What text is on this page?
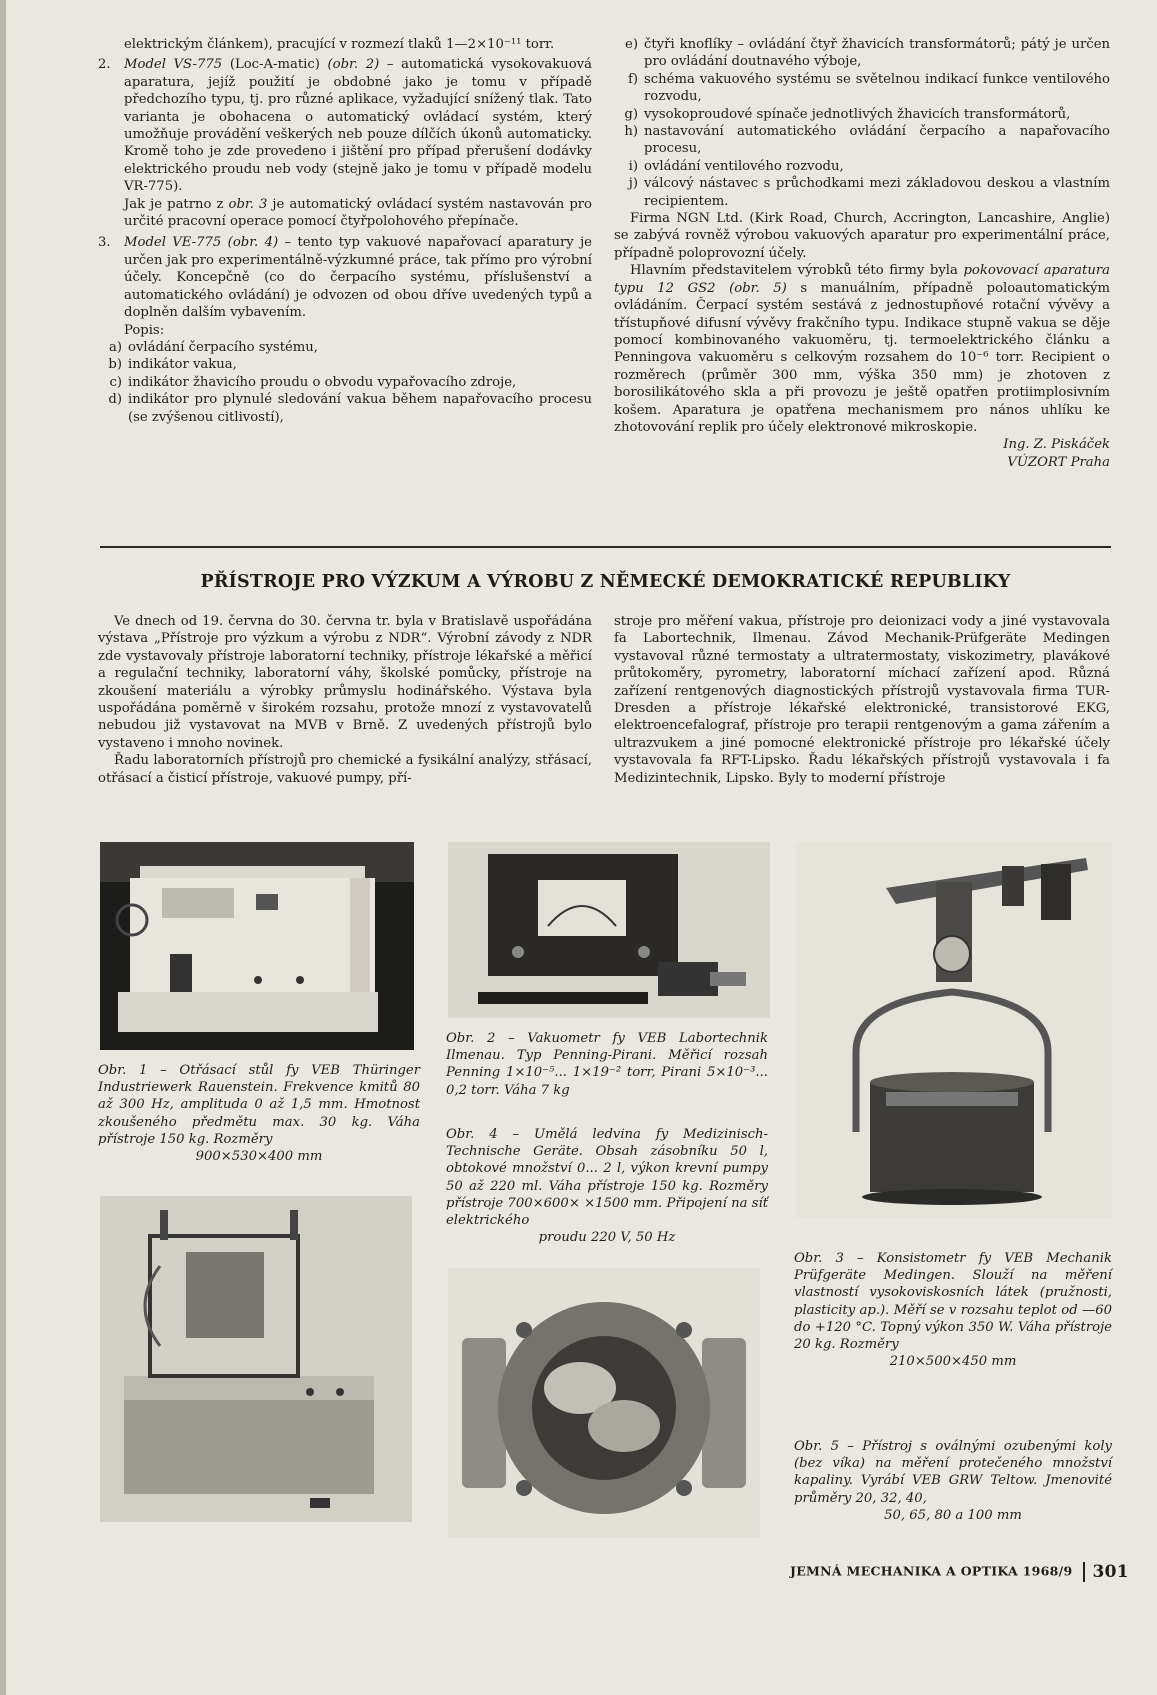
elektrickým článkem), pracující v rozmezí tlaků 1—2×10⁻¹¹ torr.

2. Model VS-775 (Loc-A-matic) (obr. 2) – automatická vysokovakuová aparatura, jejíž použití je obdobné jako je tomu v případě předchozího typu, tj. pro různé aplikace, vyžadující snížený tlak. Tato varianta je obohacena o automatický ovládací systém, který umožňuje provádění veškerých neb pouze dílčích úkonů automaticky. Kromě toho je zde provedeno i jištění pro případ přerušení dodávky elektrického proudu neb vody (stejně jako je tomu v případě modelu VR-775).

Jak je patrno z obr. 3 je automatický ovládací systém nastavován pro určité pracovní operace pomocí čtyřpolohového přepínače.

3. Model VE-775 (obr. 4) – tento typ vakuové napařovací aparatury je určen jak pro experimentálně-výzkumné práce, tak přímo pro výrobní účely. Koncepčně (co do čerpacího systému, příslušenství a automatického ovládání) je odvozen od obou dříve uvedených typů a doplněn dalším vybavením.

Popis:

a) ovládání čerpacího systému,

b) indikátor vakua,

c) indikátor žhavicího proudu o obvodu vypařovacího zdroje,

d) indikátor pro plynulé sledování vakua během napařovacího procesu (se zvýšenou citlivostí),

e) čtyři knoflíky – ovládání čtyř žhavicích transformátorů; pátý je určen pro ovládání doutnavého výboje,

f) schéma vakuového systému se světelnou indikací funkce ventilového rozvodu,

g) vysokoproudové spínače jednotlivých žhavicích transformátorů,

h) nastavování automatického ovládání čerpacího a napařovacího procesu,

i) ovládání ventilového rozvodu,

j) válcový nástavec s průchodkami mezi základovou deskou a vlastním recipientem.

Firma NGN Ltd. (Kirk Road, Church, Accrington, Lancashire, Anglie) se zabývá rovněž výrobou vakuových aparatur pro experimentální práce, případně poloprovozní účely.

Hlavním představitelem výrobků této firmy byla pokovovací aparatura typu 12 GS2 (obr. 5) s manuálním, případně poloautomatickým ovládáním. Čerpací systém sestává z jednostupňové rotační vývěvy a třístupňové difusní vývěvy frakčního typu. Indikace stupně vakua se děje pomocí kombinovaného vakuoměru, tj. termoelektrického článku a Penningova vakuoměru s celkovým rozsahem do 10⁻⁶ torr. Recipient o rozměrech (průměr 300 mm, výška 350 mm) je zhotoven z borosilikátového skla a při provozu je ještě opatřen protiimplosivním košem. Aparatura je opatřena mechanismem pro nános uhlíku ke zhotovování replik pro účely elektronové mikroskopie.

Ing. Z. Piskáček

VÚZORT Praha

PŘÍSTROJE PRO VÝZKUM A VÝROBU Z NĚMECKÉ DEMOKRATICKÉ REPUBLIKY

Ve dnech od 19. června do 30. června tr. byla v Bratislavě uspořádána výstava „Přístroje pro výzkum a výrobu z NDR“. Výrobní závody z NDR zde vystavovaly přístroje laboratorní techniky, přístroje lékařské a měřicí a regulační techniky, laboratorní váhy, školské pomůcky, přístroje na zkoušení materiálu a výrobky průmyslu hodinářského. Výstava byla uspořádána poměrně v širokém rozsahu, protože mnozí z vystavovatelů nebudou již vystavovat na MVB v Brně. Z uvedených přístrojů bylo vystaveno i mnoho novinek.

Řadu laboratorních přístrojů pro chemické a fysikální analýzy, střásací, otřásací a čisticí přístroje, vakuové pumpy, pří-

stroje pro měření vakua, přístroje pro deionizaci vody a jiné vystavovala fa Labortechnik, Ilmenau. Závod Mechanik-Prüfgeräte Medingen vystavoval různé termostaty a ultratermostaty, viskozimetry, plavákové průtokoměry, pyrometry, laboratorní míchací zařízení apod. Různá zařízení rentgenových diagnostických přístrojů vystavovala firma TUR-Dresden a přístroje lékařské elektronické, transistorové EKG, elektroencefalograf, přístroje pro terapii rentgenovým a gama zářením a ultrazvukem a jiné pomocné elektronické přístroje pro lékařské účely vystavovala fa RFT-Lipsko. Řadu lékařských přístrojů vystavovala i fa Medizintechnik, Lipsko. Byly to moderní přístroje

Obr. 1 – Otřásací stůl fy VEB Thüringer Industriewerk Rauenstein. Frekvence kmitů 80 až 300 Hz, amplituda 0 až 1,5 mm. Hmotnost zkoušeného předmětu max. 30 kg. Váha přístroje 150 kg. Rozměry

900×530×400 mm

Obr. 2 – Vakuometr fy VEB Labortechnik Ilmenau. Typ Penning-Pirani. Měřicí rozsah Penning 1×10⁻⁵... 1×19⁻² torr, Pirani 5×10⁻³... 0,2 torr. Váha 7 kg

Obr. 4 – Umělá ledvina fy Medizinisch-Technische Geräte. Obsah zásobníku 50 l, obtokové množství 0... 2 l, výkon krevní pumpy 50 až 220 ml. Váha přístroje 150 kg. Rozměry přístroje 700×600× ×1500 mm. Připojení na síť elektrického

proudu 220 V, 50 Hz

Obr. 3 – Konsistometr fy VEB Mechanik Prüfgeräte Medingen. Slouží na měření vlastností vysokoviskosních látek (pružnosti, plasticity ap.). Měří se v rozsahu teplot od —60 do +120 °C. Topný výkon 350 W. Váha přístroje 20 kg. Rozměry

210×500×450 mm

Obr. 5 – Přístroj s oválnými ozubenými koly (bez víka) na měření protečeného množství kapaliny. Vyrábí VEB GRW Teltow. Jmenovité průměry 20, 32, 40,

50, 65, 80 a 100 mm

JEMNÁ MECHANIKA A OPTIKA 1968/9 301
